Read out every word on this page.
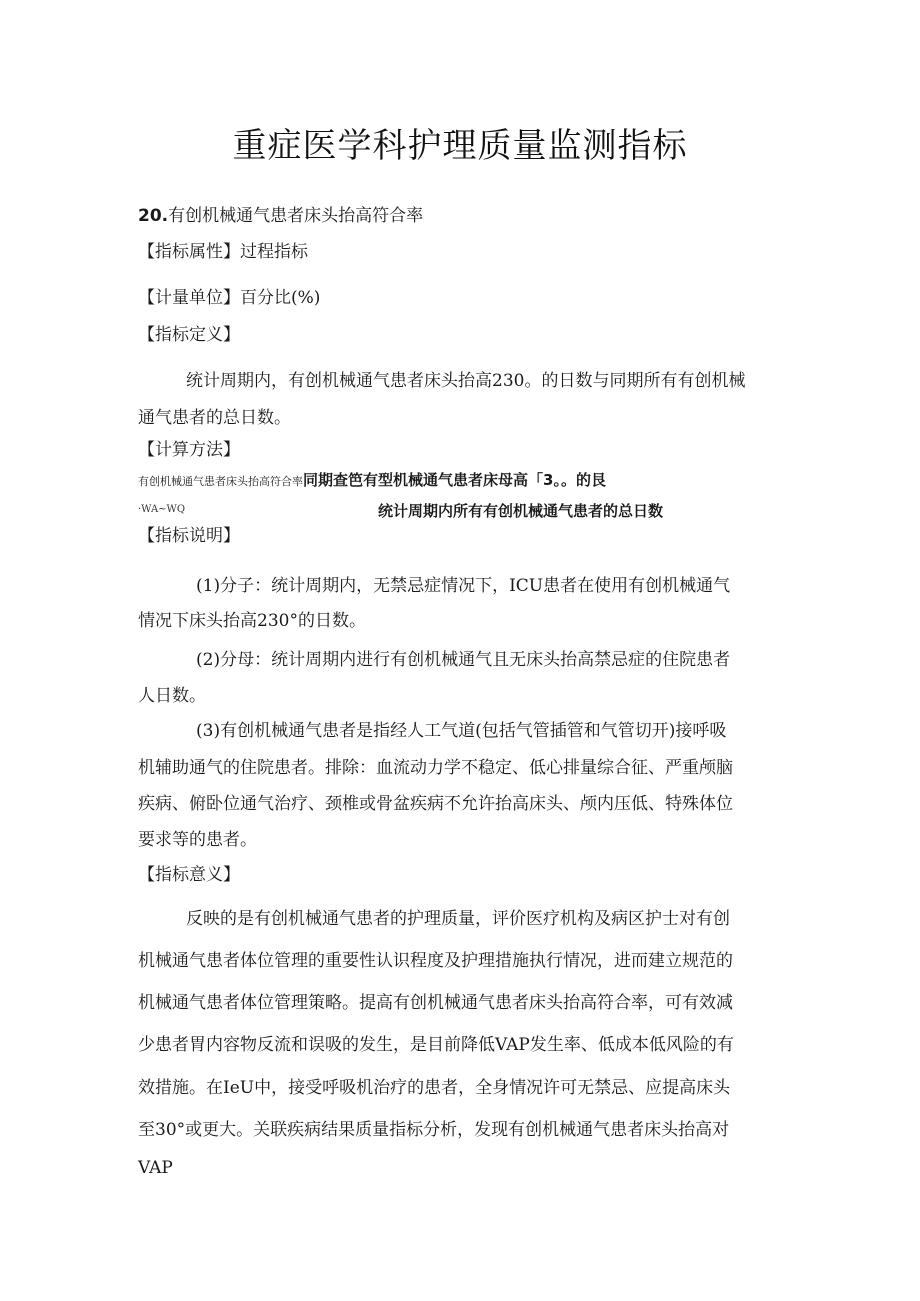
重症医学科护理质量监测指标
20.有创机械通气患者床头抬高符合率
【指标属性】过程指标
【计量单位】百分比(%)
【指标定义】
统计周期内，有创机械通气患者床头抬高230。的日数与同期所有有创机械
通气患者的总日数。
【计算方法】
有创机械通气患者床头抬高符合率同期查笆有型机械通气患者床母高「3。。的艮
·WA~WQ	统计周期内所有有创机械通气患者的总日数
【指标说明】
(1)分子：统计周期内，无禁忌症情况下，ICU患者在使用有创机械通气
情况下床头抬高230°的日数。
(2)分母：统计周期内进行有创机械通气且无床头抬高禁忌症的住院患者
人日数。
(3)有创机械通气患者是指经人工气道(包括气管插管和气管切开)接呼吸
机辅助通气的住院患者。排除：血流动力学不稳定、低心排量综合征、严重颅脑
疾病、俯卧位通气治疗、颈椎或骨盆疾病不允许抬高床头、颅内压低、特殊体位
要求等的患者。
【指标意义】
反映的是有创机械通气患者的护理质量，评价医疗机构及病区护士对有创
机械通气患者体位管理的重要性认识程度及护理措施执行情况，进而建立规范的
机械通气患者体位管理策略。提高有创机械通气患者床头抬高符合率，可有效减
少患者胃内容物反流和误吸的发生，是目前降低VAP发生率、低成本低风险的有
效措施。在IeU中，接受呼吸机治疗的患者，全身情况许可无禁忌、应提高床头
至30°或更大。关联疾病结果质量指标分析，发现有创机械通气患者床头抬高对
VAP
